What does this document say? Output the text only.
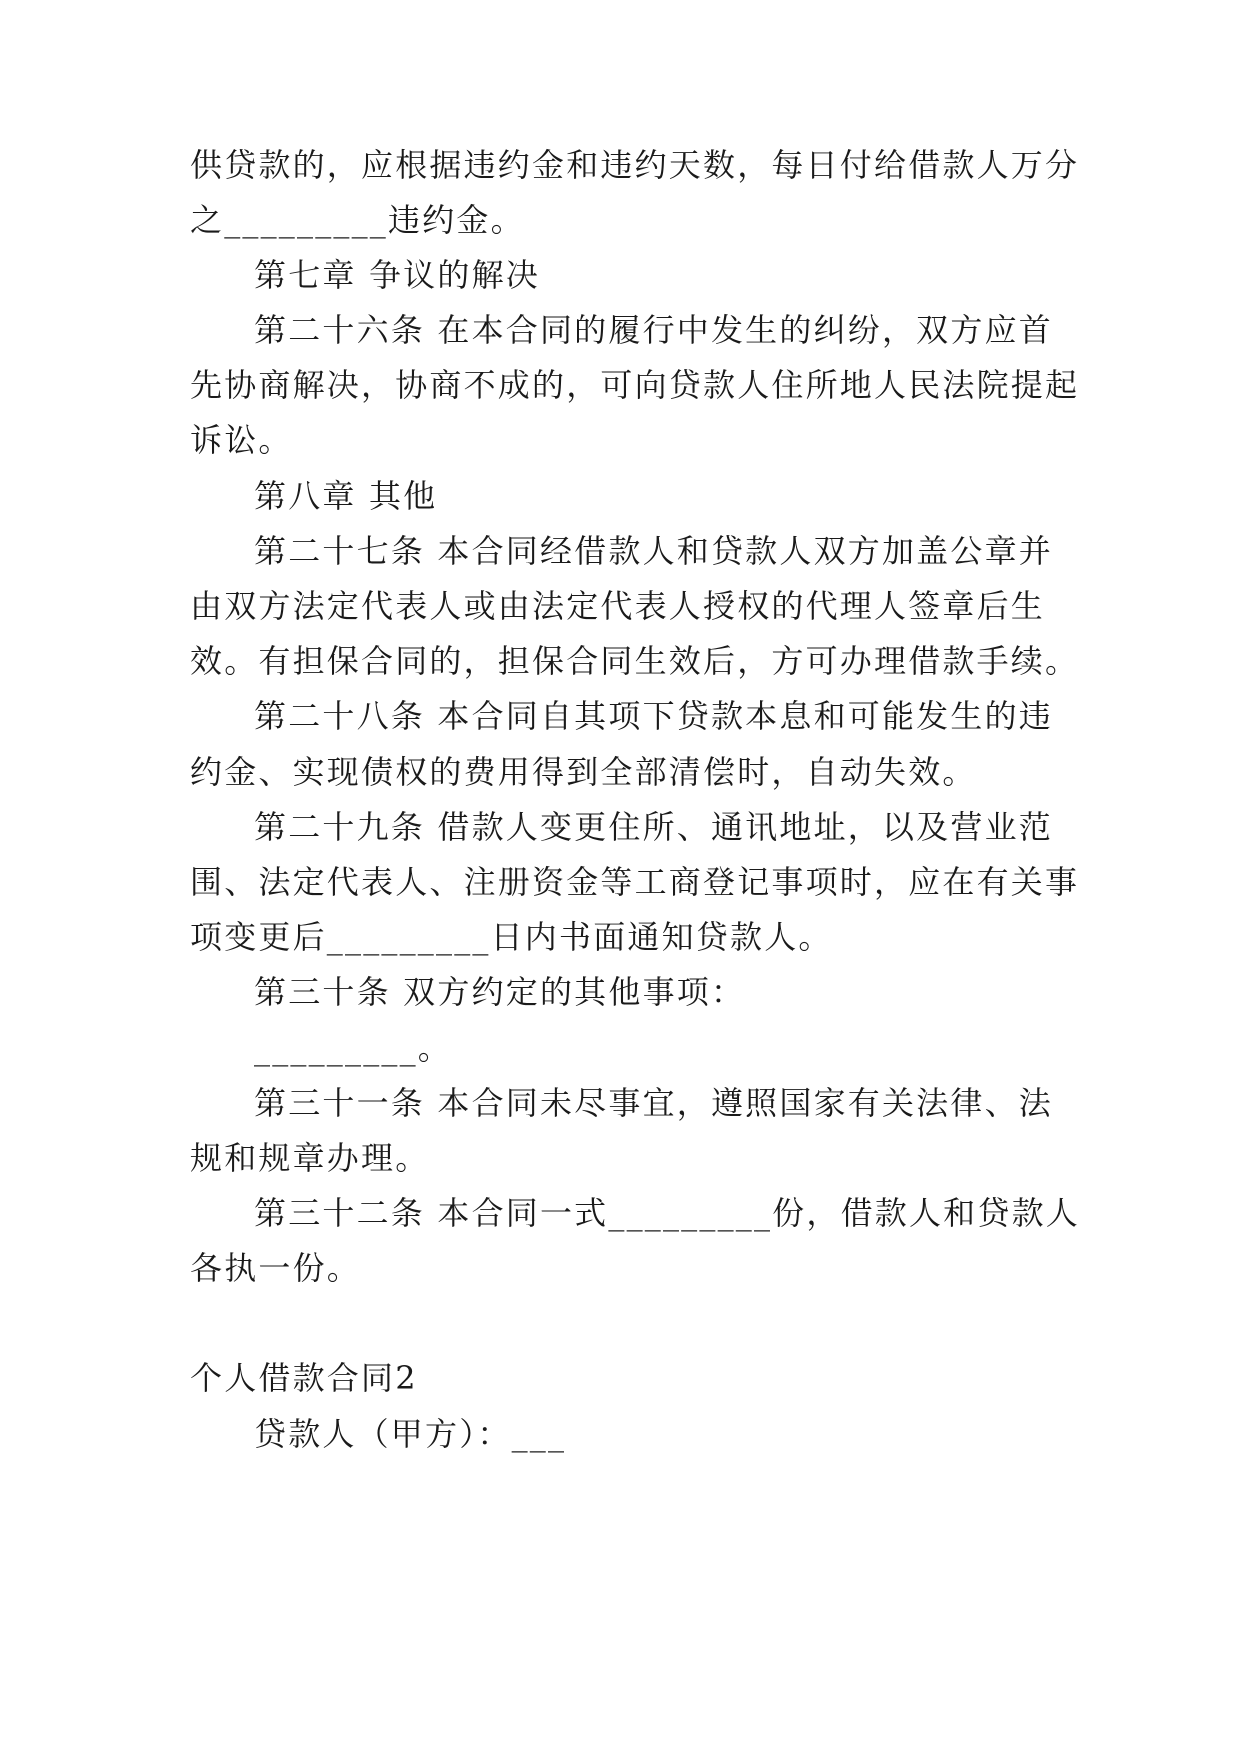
供贷款的，应根据违约金和违约天数，每日付给借款人万分
之_________违约金。
第七章 争议的解决
第二十六条 在本合同的履行中发生的纠纷，双方应首
先协商解决，协商不成的，可向贷款人住所地人民法院提起
诉讼。
第八章 其他
第二十七条 本合同经借款人和贷款人双方加盖公章并
由双方法定代表人或由法定代表人授权的代理人签章后生
效。有担保合同的，担保合同生效后，方可办理借款手续。
第二十八条 本合同自其项下贷款本息和可能发生的违
约金、实现债权的费用得到全部清偿时，自动失效。
第二十九条 借款人变更住所、通讯地址，以及营业范
围、法定代表人、注册资金等工商登记事项时，应在有关事
项变更后_________日内书面通知贷款人。
第三十条 双方约定的其他事项：
_________。
第三十一条 本合同未尽事宜，遵照国家有关法律、法
规和规章办理。
第三十二条 本合同一式_________份，借款人和贷款人
各执一份。
个人借款合同2
贷款人（甲方）：___
